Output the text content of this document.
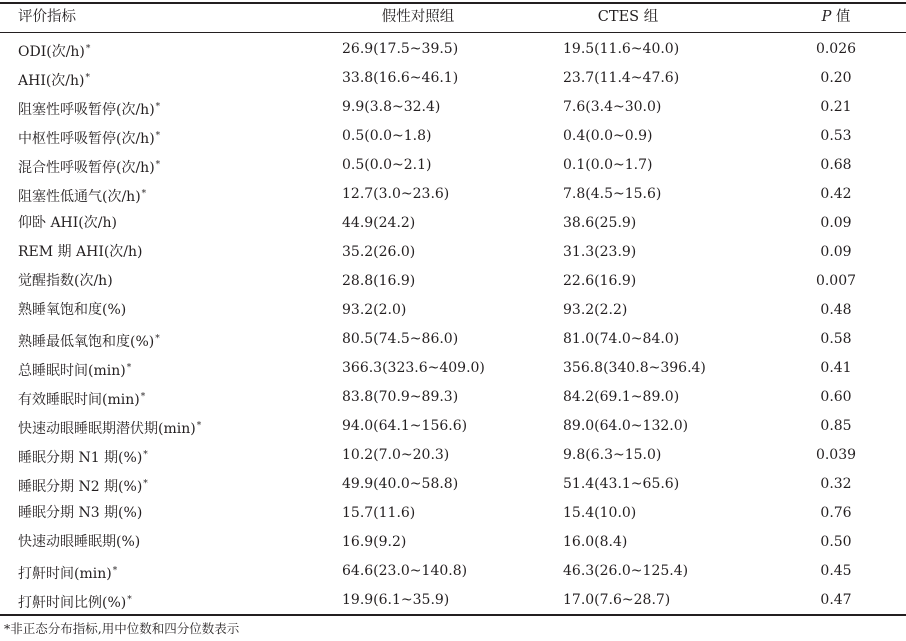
评价指标	假性对照组	CTES 组	P 值
ODI(次/h)*	26.9(17.5~39.5)	19.5(11.6~40.0)	0.026
AHI(次/h)*	33.8(16.6~46.1)	23.7(11.4~47.6)	0.20
阻塞性呼吸暂停(次/h)*	9.9(3.8~32.4)	7.6(3.4~30.0)	0.21
中枢性呼吸暂停(次/h)*	0.5(0.0~1.8)	0.4(0.0~0.9)	0.53
混合性呼吸暂停(次/h)*	0.5(0.0~2.1)	0.1(0.0~1.7)	0.68
阻塞性低通气(次/h)*	12.7(3.0~23.6)	7.8(4.5~15.6)	0.42
仰卧 AHI(次/h)	44.9(24.2)	38.6(25.9)	0.09
REM 期 AHI(次/h)	35.2(26.0)	31.3(23.9)	0.09
觉醒指数(次/h)	28.8(16.9)	22.6(16.9)	0.007
熟睡氧饱和度(%)	93.2(2.0)	93.2(2.2)	0.48
熟睡最低氧饱和度(%)*	80.5(74.5~86.0)	81.0(74.0~84.0)	0.58
总睡眠时间(min)*	366.3(323.6~409.0)	356.8(340.8~396.4)	0.41
有效睡眠时间(min)*	83.8(70.9~89.3)	84.2(69.1~89.0)	0.60
快速动眼睡眠期潜伏期(min)*	94.0(64.1~156.6)	89.0(64.0~132.0)	0.85
睡眠分期 N1 期(%)*	10.2(7.0~20.3)	9.8(6.3~15.0)	0.039
睡眠分期 N2 期(%)*	49.9(40.0~58.8)	51.4(43.1~65.6)	0.32
睡眠分期 N3 期(%)	15.7(11.6)	15.4(10.0)	0.76
快速动眼睡眠期(%)	16.9(9.2)	16.0(8.4)	0.50
打鼾时间(min)*	64.6(23.0~140.8)	46.3(26.0~125.4)	0.45
打鼾时间比例(%)*	19.9(6.1~35.9)	17.0(7.6~28.7)	0.47
*非正态分布指标,用中位数和四分位数表示
